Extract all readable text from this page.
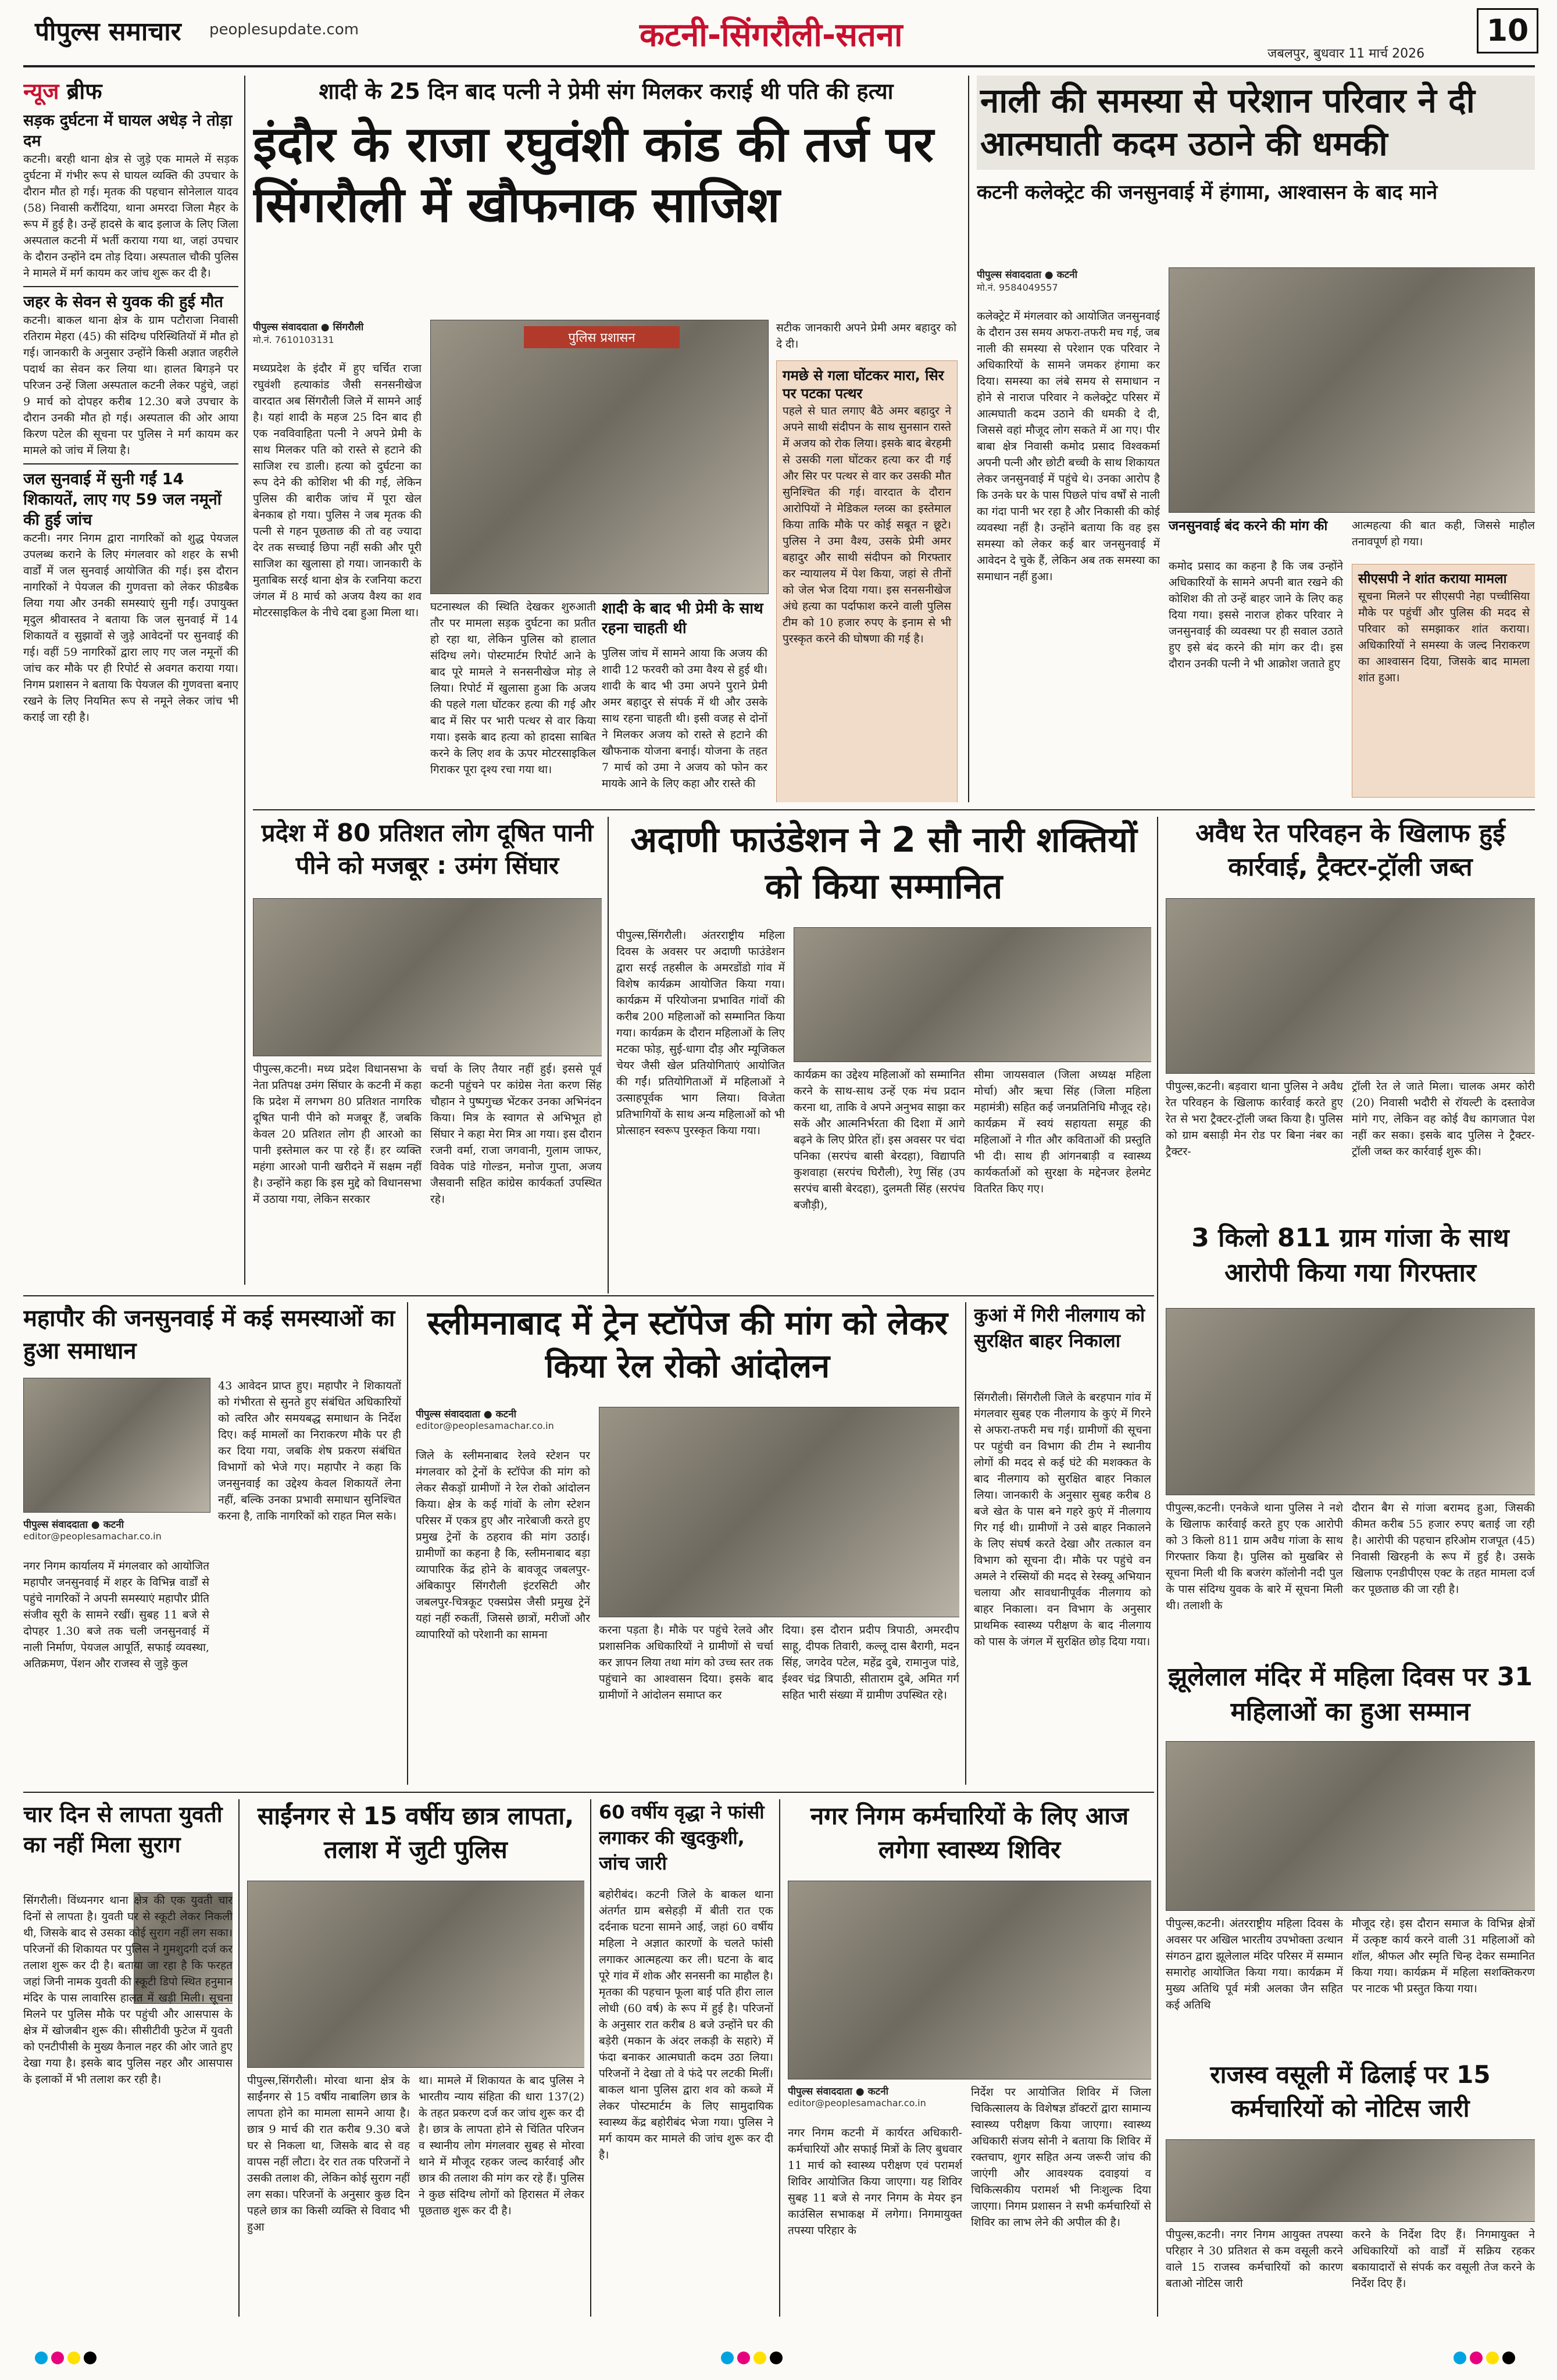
पीपुल्स समाचार peoplesupdate.com	कटनी-सिंगरौली-सतना	जबलपुर, बुधवार 11 मार्च 2026
10
न्यूज ब्रीफ
सड़क दुर्घटना में घायल अधेड़ ने तोड़ा दम
कटनी। बरही थाना क्षेत्र से जुड़े एक मामले में सड़क दुर्घटना में गंभीर रूप से घायल व्यक्ति की उपचार के दौरान मौत हो गई। मृतक की पहचान सोनेलाल यादव (58) निवासी करौंदिया, थाना अमरदा जिला मैहर के रूप में हुई है। उन्हें हादसे के बाद इलाज के लिए जिला अस्पताल कटनी में भर्ती कराया गया था, जहां उपचार के दौरान उन्होंने दम तोड़ दिया। अस्पताल चौकी पुलिस ने मामले में मर्ग कायम कर जांच शुरू कर दी है।
जहर के सेवन से युवक की हुई मौत
कटनी। बाकल थाना क्षेत्र के ग्राम पटौराजा निवासी रतिराम मेहरा (45) की संदिग्ध परिस्थितियों में मौत हो गई। जानकारी के अनुसार उन्होंने किसी अज्ञात जहरीले पदार्थ का सेवन कर लिया था। हालत बिगड़ने पर परिजन उन्हें जिला अस्पताल कटनी लेकर पहुंचे, जहां 9 मार्च को दोपहर करीब 12.30 बजे उपचार के दौरान उनकी मौत हो गई। अस्पताल की ओर आया किरण पटेल की सूचना पर पुलिस ने मर्ग कायम कर मामले को जांच में लिया है।
जल सुनवाई में सुनी गईं 14 शिकायतें, लाए गए 59 जल नमूनों की हुई जांच
कटनी। नगर निगम द्वारा नागरिकों को शुद्ध पेयजल उपलब्ध कराने के लिए मंगलवार को शहर के सभी वार्डों में जल सुनवाई आयोजित की गई। इस दौरान नागरिकों ने पेयजल की गुणवत्ता को लेकर फीडबैक लिया गया और उनकी समस्याएं सुनी गईं। उपायुक्त मृदुल श्रीवास्तव ने बताया कि जल सुनवाई में 14 शिकायतें व सुझावों से जुड़े आवेदनों पर सुनवाई की गई। वहीं 59 नागरिकों द्वारा लाए गए जल नमूनों की जांच कर मौके पर ही रिपोर्ट से अवगत कराया गया। निगम प्रशासन ने बताया कि पेयजल की गुणवत्ता बनाए रखने के लिए नियमित रूप से नमूने लेकर जांच भी कराई जा रही है।
शादी के 25 दिन बाद पत्नी ने प्रेमी संग मिलकर कराई थी पति की हत्या
इंदौर के राजा रघुवंशी कांड की तर्ज पर सिंगरौली में खौफनाक साजिश
पीपुल्स संवाददाता ● सिंगरौली
मो.नं. 7610103131
मध्यप्रदेश के इंदौर में हुए चर्चित राजा रघुवंशी हत्याकांड जैसी सनसनीखेज वारदात अब सिंगरौली जिले में सामने आई है। यहां शादी के महज 25 दिन बाद ही एक नवविवाहिता पत्नी ने अपने प्रेमी के साथ मिलकर पति को रास्ते से हटाने की साजिश रच डाली। हत्या को दुर्घटना का रूप देने की कोशिश भी की गई, लेकिन पुलिस की बारीक जांच में पूरा खेल बेनकाब हो गया। पुलिस ने जब मृतक की पत्नी से गहन पूछताछ की तो वह ज्यादा देर तक सच्चाई छिपा नहीं सकी और पूरी साजिश का खुलासा हो गया। जानकारी के मुताबिक सरई थाना क्षेत्र के रजनिया कटरा जंगल में 8 मार्च को अजय वैश्य का शव मोटरसाइकिल के नीचे दबा हुआ मिला था।
पुलिस प्रशासन
घटनास्थल की स्थिति देखकर शुरुआती तौर पर मामला सड़क दुर्घटना का प्रतीत हो रहा था, लेकिन पुलिस को हालात संदिग्ध लगे। पोस्टमार्टम रिपोर्ट आने के बाद पूरे मामले ने सनसनीखेज मोड़ ले लिया। रिपोर्ट में खुलासा हुआ कि अजय की पहले गला घोंटकर हत्या की गई और बाद में सिर पर भारी पत्थर से वार किया गया। इसके बाद हत्या को हादसा साबित करने के लिए शव के ऊपर मोटरसाइकिल गिराकर पूरा दृश्य रचा गया था।
शादी के बाद भी प्रेमी के साथ रहना चाहती थी
पुलिस जांच में सामने आया कि अजय की शादी 12 फरवरी को उमा वैश्य से हुई थी। शादी के बाद भी उमा अपने पुराने प्रेमी अमर बहादुर से संपर्क में थी और उसके साथ रहना चाहती थी। इसी वजह से दोनों ने मिलकर अजय को रास्ते से हटाने की खौफनाक योजना बनाई। योजना के तहत 7 मार्च को उमा ने अजय को फोन कर मायके आने के लिए कहा और रास्ते की
सटीक जानकारी अपने प्रेमी अमर बहादुर को दे दी।
गमछे से गला घोंटकर मारा, सिर पर पटका पत्थर
पहले से घात लगाए बैठे अमर बहादुर ने अपने साथी संदीपन के साथ सुनसान रास्ते में अजय को रोक लिया। इसके बाद बेरहमी से उसकी गला घोंटकर हत्या कर दी गई और सिर पर पत्थर से वार कर उसकी मौत सुनिश्चित की गई। वारदात के दौरान आरोपियों ने मेडिकल ग्लव्स का इस्तेमाल किया ताकि मौके पर कोई सबूत न छूटे। पुलिस ने उमा वैश्य, उसके प्रेमी अमर बहादुर और साथी संदीपन को गिरफ्तार कर न्यायालय में पेश किया, जहां से तीनों को जेल भेज दिया गया। इस सनसनीखेज अंधे हत्या का पर्दाफाश करने वाली पुलिस टीम को 10 हजार रुपए के इनाम से भी पुरस्कृत करने की घोषणा की गई है।
नाली की समस्या से परेशान परिवार ने दी आत्मघाती कदम उठाने की धमकी
कटनी कलेक्ट्रेट की जनसुनवाई में हंगामा, आश्वासन के बाद माने
पीपुल्स संवाददाता ● कटनी
मो.नं. 9584049557
कलेक्ट्रेट में मंगलवार को आयोजित जनसुनवाई के दौरान उस समय अफरा-तफरी मच गई, जब नाली की समस्या से परेशान एक परिवार ने अधिकारियों के सामने जमकर हंगामा कर दिया। समस्या का लंबे समय से समाधान न होने से नाराज परिवार ने कलेक्ट्रेट परिसर में आत्मघाती कदम उठाने की धमकी दे दी, जिससे वहां मौजूद लोग सकते में आ गए। पीर बाबा क्षेत्र निवासी कमोद प्रसाद विश्वकर्मा अपनी पत्नी और छोटी बच्ची के साथ शिकायत लेकर जनसुनवाई में पहुंचे थे। उनका आरोप है कि उनके घर के पास पिछले पांच वर्षों से नाली का गंदा पानी भर रहा है और निकासी की कोई व्यवस्था नहीं है। उन्होंने बताया कि वह इस समस्या को लेकर कई बार जनसुनवाई में आवेदन दे चुके हैं, लेकिन अब तक समस्या का समाधान नहीं हुआ।
जनसुनवाई बंद करने की मांग की
कमोद प्रसाद का कहना है कि जब उन्होंने अधिकारियों के सामने अपनी बात रखने की कोशिश की तो उन्हें बाहर जाने के लिए कह दिया गया। इससे नाराज होकर परिवार ने जनसुनवाई की व्यवस्था पर ही सवाल उठाते हुए इसे बंद करने की मांग कर दी। इस दौरान उनकी पत्नी ने भी आक्रोश जताते हुए
आत्महत्या की बात कही, जिससे माहौल तनावपूर्ण हो गया।
सीएसपी ने शांत कराया मामला
सूचना मिलने पर सीएसपी नेहा पच्चीसिया मौके पर पहुंचीं और पुलिस की मदद से परिवार को समझाकर शांत कराया। अधिकारियों ने समस्या के जल्द निराकरण का आश्वासन दिया, जिसके बाद मामला शांत हुआ।
प्रदेश में 80 प्रतिशत लोग दूषित पानी पीने को मजबूर : उमंग सिंघार
पीपुल्स,कटनी। मध्य प्रदेश विधानसभा के नेता प्रतिपक्ष उमंग सिंघार के कटनी में कहा कि प्रदेश में लगभग 80 प्रतिशत नागरिक दूषित पानी पीने को मजबूर हैं, जबकि केवल 20 प्रतिशत लोग ही आरओ का पानी इस्तेमाल कर पा रहे हैं। हर व्यक्ति महंगा आरओ पानी खरीदने में सक्षम नहीं है। उन्होंने कहा कि इस मुद्दे को विधानसभा में उठाया गया, लेकिन सरकार
चर्चा के लिए तैयार नहीं हुई। इससे पूर्व कटनी पहुंचने पर कांग्रेस नेता करण सिंह चौहान ने पुष्पगुच्छ भेंटकर उनका अभिनंदन किया। मित्र के स्वागत से अभिभूत हो सिंघार ने कहा मेरा मित्र आ गया। इस दौरान रजनी वर्मा, राजा जगवानी, गुलाम जाफर, विवेक पांडे गोल्डन, मनोज गुप्ता, अजय जैसवानी सहित कांग्रेस कार्यकर्ता उपस्थित रहे।
अदाणी फाउंडेशन ने 2 सौ नारी शक्तियों को किया सम्मानित
पीपुल्स,सिंगरौली। अंतरराष्ट्रीय महिला दिवस के अवसर पर अदाणी फाउंडेशन द्वारा सरई तहसील के अमरडोंडो गांव में विशेष कार्यक्रम आयोजित किया गया। कार्यक्रम में परियोजना प्रभावित गांवों की करीब 200 महिलाओं को सम्मानित किया गया। कार्यक्रम के दौरान महिलाओं के लिए मटका फोड़, सुई-धागा दौड़ और म्यूजिकल चेयर जैसी खेल प्रतियोगिताएं आयोजित की गईं। प्रतियोगिताओं में महिलाओं ने उत्साहपूर्वक भाग लिया। विजेता प्रतिभागियों के साथ अन्य महिलाओं को भी प्रोत्साहन स्वरूप पुरस्कृत किया गया।
कार्यक्रम का उद्देश्य महिलाओं को सम्मानित करने के साथ-साथ उन्हें एक मंच प्रदान करना था, ताकि वे अपने अनुभव साझा कर सकें और आत्मनिर्भरता की दिशा में आगे बढ़ने के लिए प्रेरित हों। इस अवसर पर चंदा पनिका (सरपंच बासी बेरदहा), विद्यापति कुशवाहा (सरपंच घिरौली), रेणु सिंह (उप सरपंच बासी बेरदहा), दुलमती सिंह (सरपंच बजौड़ी),
सीमा जायसवाल (जिला अध्यक्ष महिला मोर्चा) और ऋचा सिंह (जिला महिला महामंत्री) सहित कई जनप्रतिनिधि मौजूद रहे। कार्यक्रम में स्वयं सहायता समूह की महिलाओं ने गीत और कविताओं की प्रस्तुति भी दी। साथ ही आंगनबाड़ी व स्वास्थ्य कार्यकर्ताओं को सुरक्षा के मद्देनजर हेलमेट वितरित किए गए।
अवैध रेत परिवहन के खिलाफ हुई कार्रवाई, ट्रैक्टर-ट्रॉली जब्त
पीपुल्स,कटनी। बड़वारा थाना पुलिस ने अवैध रेत परिवहन के खिलाफ कार्रवाई करते हुए रेत से भरा ट्रैक्टर-ट्रॉली जब्त किया है। पुलिस को ग्राम बसाड़ी मेन रोड पर बिना नंबर का ट्रैक्टर-
ट्रॉली रेत ले जाते मिला। चालक अमर कोरी (20) निवासी भदौरी से रॉयल्टी के दस्तावेज मांगे गए, लेकिन वह कोई वैध कागजात पेश नहीं कर सका। इसके बाद पुलिस ने ट्रैक्टर-ट्रॉली जब्त कर कार्रवाई शुरू की।
3 किलो 811 ग्राम गांजा के साथ आरोपी किया गया गिरफ्तार
पीपुल्स,कटनी। एनकेजे थाना पुलिस ने नशे के खिलाफ कार्रवाई करते हुए एक आरोपी को 3 किलो 811 ग्राम अवैध गांजा के साथ गिरफ्तार किया है। पुलिस को मुखबिर से सूचना मिली थी कि बजरंग कॉलोनी नदी पुल के पास संदिग्ध युवक के बारे में सूचना मिली थी। तलाशी के
दौरान बैग से गांजा बरामद हुआ, जिसकी कीमत करीब 55 हजार रुपए बताई जा रही है। आरोपी की पहचान हरिओम राजपूत (45) निवासी खिरहनी के रूप में हुई है। उसके खिलाफ एनडीपीएस एक्ट के तहत मामला दर्ज कर पूछताछ की जा रही है।
महापौर की जनसुनवाई में कई समस्याओं का हुआ समाधान
पीपुल्स संवाददाता ● कटनी
editor@peoplesamachar.co.in
नगर निगम कार्यालय में मंगलवार को आयोजित महापौर जनसुनवाई में शहर के विभिन्न वार्डों से पहुंचे नागरिकों ने अपनी समस्याएं महापौर प्रीति संजीव सूरी के सामने रखीं। सुबह 11 बजे से दोपहर 1.30 बजे तक चली जनसुनवाई में नाली निर्माण, पेयजल आपूर्ति, सफाई व्यवस्था, अतिक्रमण, पेंशन और राजस्व से जुड़े कुल
43 आवेदन प्राप्त हुए। महापौर ने शिकायतों को गंभीरता से सुनते हुए संबंधित अधिकारियों को त्वरित और समयबद्ध समाधान के निर्देश दिए। कई मामलों का निराकरण मौके पर ही कर दिया गया, जबकि शेष प्रकरण संबंधित विभागों को भेजे गए। महापौर ने कहा कि जनसुनवाई का उद्देश्य केवल शिकायतें लेना नहीं, बल्कि उनका प्रभावी समाधान सुनिश्चित करना है, ताकि नागरिकों को राहत मिल सके।
स्लीमनाबाद में ट्रेन स्टॉपेज की मांग को लेकर किया रेल रोको आंदोलन
पीपुल्स संवाददाता ● कटनी
editor@peoplesamachar.co.in
जिले के स्लीमनाबाद रेलवे स्टेशन पर मंगलवार को ट्रेनों के स्टॉपेज की मांग को लेकर सैकड़ों ग्रामीणों ने रेल रोको आंदोलन किया। क्षेत्र के कई गांवों के लोग स्टेशन परिसर में एकत्र हुए और नारेबाजी करते हुए प्रमुख ट्रेनों के ठहराव की मांग उठाई। ग्रामीणों का कहना है कि, स्लीमनाबाद बड़ा व्यापारिक केंद्र होने के बावजूद जबलपुर-अंबिकापुर सिंगरौली इंटरसिटी और जबलपुर-चित्रकूट एक्सप्रेस जैसी प्रमुख ट्रेनें यहां नहीं रुकतीं, जिससे छात्रों, मरीजों और व्यापारियों को परेशानी का सामना	करना पड़ता है। मौके पर पहुंचे रेलवे और प्रशासनिक अधिकारियों ने ग्रामीणों से चर्चा कर ज्ञापन लिया तथा मांग को उच्च स्तर तक पहुंचाने का आश्वासन दिया। इसके बाद ग्रामीणों ने आंदोलन समाप्त कर
दिया। इस दौरान प्रदीप त्रिपाठी, अमरदीप साहू, दीपक तिवारी, कल्लू दास बैरागी, मदन सिंह, जगदेव पटेल, महेंद्र दुबे, रामानुज पांडे, ईश्वर चंद्र त्रिपाठी, सीताराम दुबे, अमित गर्ग सहित भारी संख्या में ग्रामीण उपस्थित रहे।
कुआं में गिरी नीलगाय को सुरक्षित बाहर निकाला
सिंगरौली। सिंगरौली जिले के बरहपान गांव में मंगलवार सुबह एक नीलगाय के कुएं में गिरने से अफरा-तफरी मच गई। ग्रामीणों की सूचना पर पहुंची वन विभाग की टीम ने स्थानीय लोगों की मदद से कई घंटे की मशक्कत के बाद नीलगाय को सुरक्षित बाहर निकाल लिया। जानकारी के अनुसार सुबह करीब 8 बजे खेत के पास बने गहरे कुएं में नीलगाय गिर गई थी। ग्रामीणों ने उसे बाहर निकालने के लिए संघर्ष करते देखा और तत्काल वन विभाग को सूचना दी। मौके पर पहुंचे वन अमले ने रस्सियों की मदद से रेस्क्यू अभियान चलाया और सावधानीपूर्वक नीलगाय को बाहर निकाला। वन विभाग के अनुसार प्राथमिक स्वास्थ्य परीक्षण के बाद नीलगाय को पास के जंगल में सुरक्षित छोड़ दिया गया।
झूलेलाल मंदिर में महिला दिवस पर 31 महिलाओं का हुआ सम्मान
पीपुल्स,कटनी। अंतरराष्ट्रीय महिला दिवस के अवसर पर अखिल भारतीय उपभोक्ता उत्थान संगठन द्वारा झूलेलाल मंदिर परिसर में सम्मान समारोह आयोजित किया गया। कार्यक्रम में मुख्य अतिथि पूर्व मंत्री अलका जैन सहित कई अतिथि
मौजूद रहे। इस दौरान समाज के विभिन्न क्षेत्रों में उत्कृष्ट कार्य करने वाली 31 महिलाओं को शॉल, श्रीफल और स्मृति चिन्ह देकर सम्मानित किया गया। कार्यक्रम में महिला सशक्तिकरण पर नाटक भी प्रस्तुत किया गया।
चार दिन से लापता युवती का नहीं मिला सुराग
सिंगरौली। विंध्यनगर थाना क्षेत्र की एक युवती चार दिनों से लापता है। युवती घर से स्कूटी लेकर निकली थी, जिसके बाद से उसका कोई सुराग नहीं लग सका। परिजनों की शिकायत पर पुलिस ने गुमशुदगी दर्ज कर तलाश शुरू कर दी है। बताया जा रहा है कि फरहत जहां जिनी नामक युवती की स्कूटी डिपो स्थित हनुमान मंदिर के पास लावारिस हालत में खड़ी मिली। सूचना मिलने पर पुलिस मौके पर पहुंची और आसपास के क्षेत्र में खोजबीन शुरू की। सीसीटीवी फुटेज में युवती को एनटीपीसी के मुख्य कैनाल नहर की ओर जाते हुए देखा गया है। इसके बाद पुलिस नहर और आसपास के इलाकों में भी तलाश कर रही है।
साईंनगर से 15 वर्षीय छात्र लापता, तलाश में जुटी पुलिस
पीपुल्स,सिंगरौली। मोरवा थाना क्षेत्र के साईंनगर से 15 वर्षीय नाबालिग छात्र के लापता होने का मामला सामने आया है। छात्र 9 मार्च की रात करीब 9.30 बजे घर से निकला था, जिसके बाद से वह वापस नहीं लौटा। देर रात तक परिजनों ने उसकी तलाश की, लेकिन कोई सुराग नहीं लग सका। परिजनों के अनुसार कुछ दिन पहले छात्र का किसी व्यक्ति से विवाद भी हुआ
था। मामले में शिकायत के बाद पुलिस ने भारतीय न्याय संहिता की धारा 137(2) के तहत प्रकरण दर्ज कर जांच शुरू कर दी है। छात्र के लापता होने से चिंतित परिजन व स्थानीय लोग मंगलवार सुबह से मोरवा थाने में मौजूद रहकर जल्द कार्रवाई और छात्र की तलाश की मांग कर रहे हैं। पुलिस ने कुछ संदिग्ध लोगों को हिरासत में लेकर पूछताछ शुरू कर दी है।
60 वर्षीय वृद्धा ने फांसी लगाकर की खुदकुशी, जांच जारी
बहोरीबंद। कटनी जिले के बाकल थाना अंतर्गत ग्राम बसेहड़ी में बीती रात एक दर्दनाक घटना सामने आई, जहां 60 वर्षीय महिला ने अज्ञात कारणों के चलते फांसी लगाकर आत्महत्या कर ली। घटना के बाद पूरे गांव में शोक और सनसनी का माहौल है। मृतका की पहचान फूला बाई पति हीरा लाल लोधी (60 वर्ष) के रूप में हुई है। परिजनों के अनुसार रात करीब 8 बजे उन्होंने घर की बड़ेरी (मकान के अंदर लकड़ी के सहारे) में फंदा बनाकर आत्मघाती कदम उठा लिया। परिजनों ने देखा तो वे फंदे पर लटकी मिलीं। बाकल थाना पुलिस द्वारा शव को कब्जे में लेकर पोस्टमार्टम के लिए सामुदायिक स्वास्थ्य केंद्र बहोरीबंद भेजा गया। पुलिस ने मर्ग कायम कर मामले की जांच शुरू कर दी है।
नगर निगम कर्मचारियों के लिए आज लगेगा स्वास्थ्य शिविर
पीपुल्स संवाददाता ● कटनी
editor@peoplesamachar.co.in
नगर निगम कटनी में कार्यरत अधिकारी-कर्मचारियों और सफाई मित्रों के लिए बुधवार 11 मार्च को स्वास्थ्य परीक्षण एवं परामर्श शिविर आयोजित किया जाएगा। यह शिविर सुबह 11 बजे से नगर निगम के मेयर इन काउंसिल सभाकक्ष में लगेगा। निगमायुक्त तपस्या परिहार के
निर्देश पर आयोजित शिविर में जिला चिकित्सालय के विशेषज्ञ डॉक्टरों द्वारा सामान्य स्वास्थ्य परीक्षण किया जाएगा। स्वास्थ्य अधिकारी संजय सोनी ने बताया कि शिविर में रक्तचाप, शुगर सहित अन्य जरूरी जांच की जाएंगी और आवश्यक दवाइयां व चिकित्सकीय परामर्श भी निःशुल्क दिया जाएगा। निगम प्रशासन ने सभी कर्मचारियों से शिविर का लाभ लेने की अपील की है।
राजस्व वसूली में ढिलाई पर 15 कर्मचारियों को नोटिस जारी
पीपुल्स,कटनी। नगर निगम आयुक्त तपस्या परिहार ने 30 प्रतिशत से कम वसूली करने वाले 15 राजस्व कर्मचारियों को कारण बताओ नोटिस जारी
करने के निर्देश दिए हैं। निगमायुक्त ने अधिकारियों को वार्डों में सक्रिय रहकर बकायादारों से संपर्क कर वसूली तेज करने के निर्देश दिए हैं।
